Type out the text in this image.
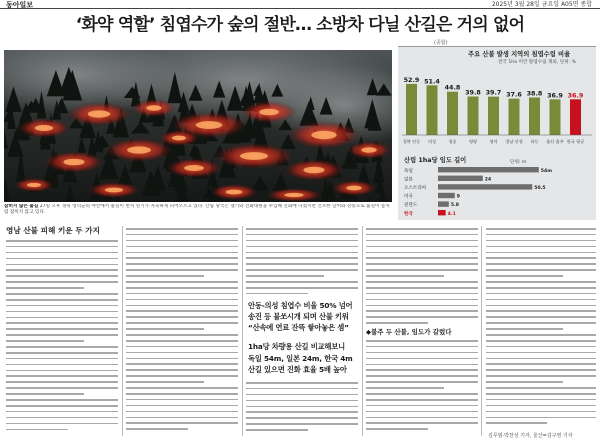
동아일보	2025년 3월 28일 금요일 A05면 종합
‘화약 역할’ 침엽수가 숲의 절반… 소방차 다닐 산길은 거의 없어
(종합)
잡히지 않는 불길 27일 오후 경북 영덕군의 야산에서 불길이 번져 연기가 자욱하게 피어오르고 있다. 산림 당국은 헬기와 진화대원을 투입해 진화에 나섰지만 건조한 날씨와 강풍으로 불길이 좀처럼 잡히지 않고 있다.
주요 산불 발생 지역의 침엽수림 비율
전국 1ha 미만 활엽수림 제외, 단위: %
52.9
경북 안동
51.4
의성
44.8
청송
39.8
영양
39.7
영덕
37.6
경남 산청
38.8
하동
36.9
울산 울주
36.9
한국 평균
산림 1ha당 임도 길이	단위: m
독일	54m
일본	24
오스트리아	50.5
미국	9
핀란드	5.8
한국	4.1
영남 산불 피해 키운 두 가지
안동-의성 침엽수 비율 50% 넘어
송진 등 불쏘시개 되며 산불 키워
“산속에 연료 잔뜩 쌓아놓은 셈”
1ha당 차량용 산길 비교해보니
독일 54m, 일본 24m, 한국 4m
산길 있으면 진화 효율 5배 높아
◆불주 두 산불, 임도가 갈렀다
김무범·박찬성 기자, 울산=김구영 기자
